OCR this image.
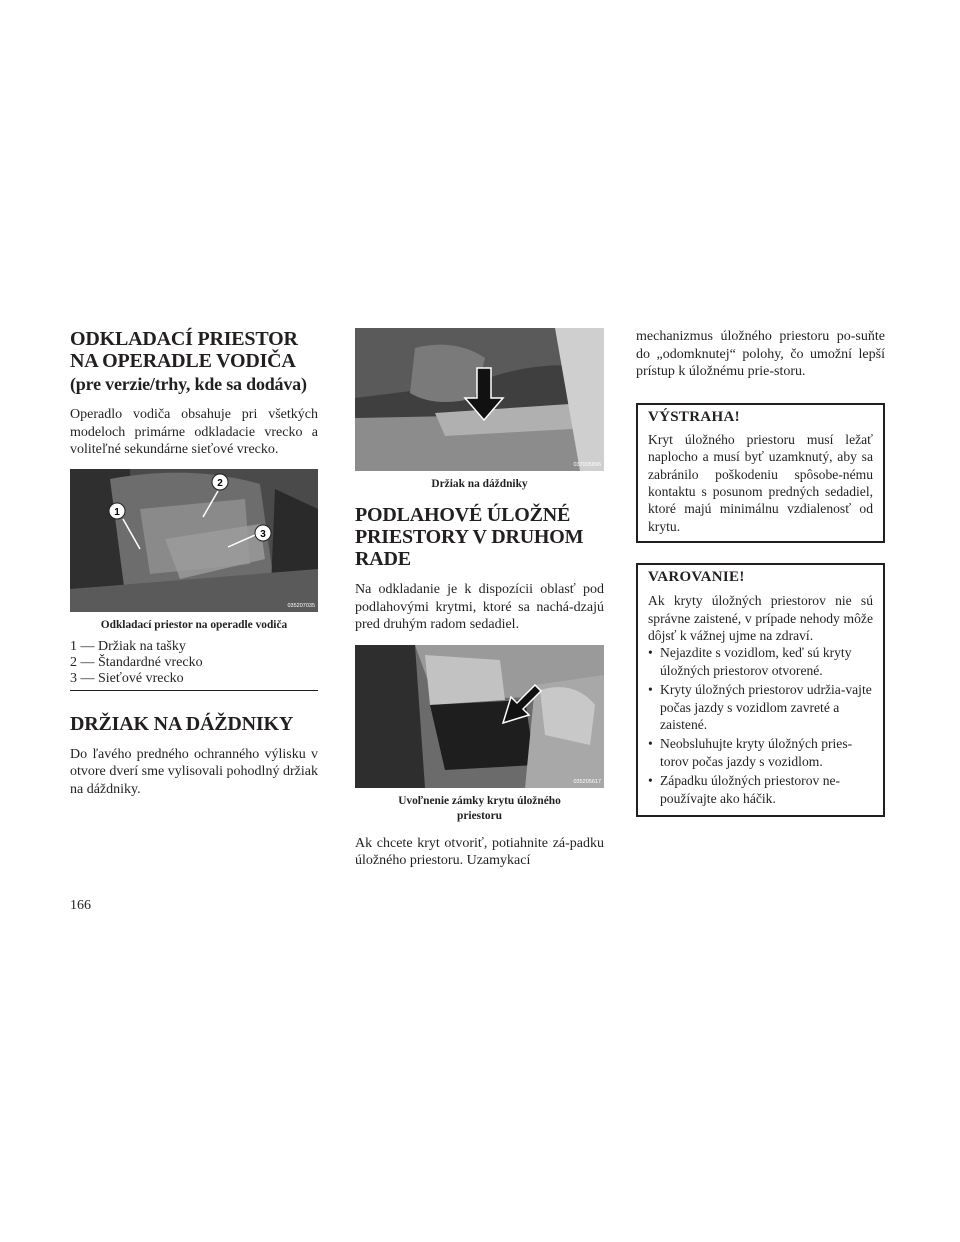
ODKLADACÍ PRIESTOR
NA OPERADLE VODIČA
(pre verzie/trhy, kde sa dodáva)

Operadlo vodiča obsahuje pri všetkých modeloch primárne odkladacie vrecko a voliteľné sekundárne sieťové vrecko.

1
2
3
035207035
Odkladací priestor na operadle vodiča
1 — Držiak na tašky
2 — Štandardné vrecko
3 — Sieťové vrecko
DRŽIAK NA DÁŽDNIKY

Do ľavého predného ochranného výlisku v otvore dverí sme vylisovali pohodlný držiak na dáždniky.

037005896
Držiak na dáždniky
PODLAHOVÉ ÚLOŽNÉ
PRIESTORY V DRUHOM
RADE

Na odkladanie je k dispozícii oblasť pod podlahovými krytmi, ktoré sa nachá-dzajú pred druhým radom sedadiel.

035205617
Uvoľnenie zámky krytu úložného
priestoru

Ak chcete kryt otvoriť, potiahnite zá-padku úložného priestoru. Uzamykací

mechanizmus úložného priestoru po-suňte do „odomknutej“ polohy, čo umožní lepší prístup k úložnému prie-storu.

VÝSTRAHA!

Kryt úložného priestoru musí ležať naplocho a musí byť uzamknutý, aby sa zabránilo poškodeniu spôsobe-nému kontaktu s posunom predných sedadiel, ktoré majú minimálnu vzdialenosť od krytu.

VAROVANIE!

Ak kryty úložných priestorov nie sú správne zaistené, v prípade nehody môže dôjsť k vážnej ujme na zdraví.

• Nejazdite s vozidlom, keď sú kryty úložných priestorov otvorené.
• Kryty úložných priestorov udržia-vajte počas jazdy s vozidlom zavreté a zaistené.
• Neobsluhujte kryty úložných pries-torov počas jazdy s vozidlom.
• Západku úložných priestorov ne-používajte ako háčik.
166
